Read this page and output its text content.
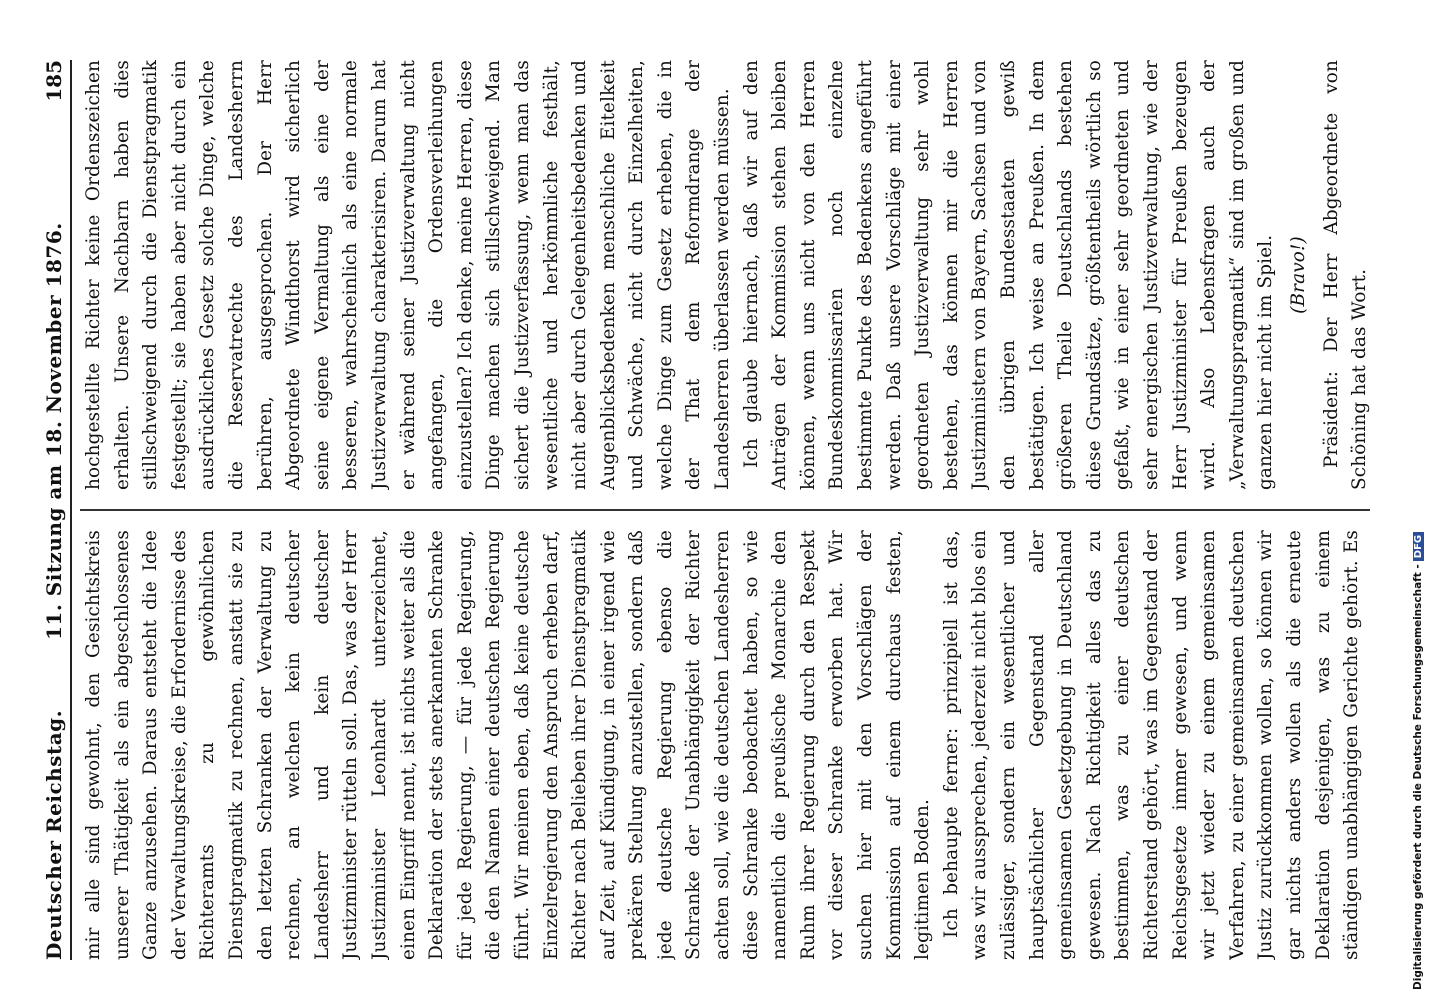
Deutscher Reichstag.
11. Sitzung am 18. November 1876.
185

mir alle sind gewohnt, den Gesichtskreis unserer Thätigkeit als ein abgeschlossenes Ganze anzusehen. Daraus entsteht die Idee der Verwaltungskreise, die Erfordernisse des Richteramts zu gewöhnlichen Dienstpragmatik zu rechnen, anstatt sie zu den letzten Schranken der Verwaltung zu rechnen, an welchen kein deutscher Landesherr und kein deutscher Justizminister rütteln soll. Das, was der Herr Justizminister Leonhardt unterzeichnet, einen Eingriff nennt, ist nichts weiter als die Deklaration der stets anerkannten Schranke für jede Regierung, — für jede Regierung, die den Namen einer deutschen Regierung führt. Wir meinen eben, daß keine deutsche Einzelregierung den Anspruch erheben darf, Richter nach Belieben ihrer Dienstpragmatik auf Zeit, auf Kündigung, in einer irgend wie prekären Stellung anzustellen, sondern daß jede deutsche Regierung ebenso die Schranke der Unabhängigkeit der Richter achten soll, wie die deutschen Landesherren diese Schranke beobachtet haben, so wie namentlich die preußische Monarchie den Ruhm ihrer Regierung durch den Respekt vor dieser Schranke erworben hat. Wir suchen hier mit den Vorschlägen der Kommission auf einem durchaus festen, legitimen Boden. Ich behaupte ferner: prinzipiell ist das, was wir aussprechen, jederzeit nicht blos ein zulässiger, sondern ein wesentlicher und hauptsächlicher Gegenstand aller gemeinsamen Gesetzgebung in Deutschland gewesen. Nach Richtigkeit alles das zu bestimmen, was zu einer deutschen Richterstand gehört, was im Gegenstand der Reichsgesetze immer gewesen, und wenn wir jetzt wieder zu einem gemeinsamen Verfahren, zu einer gemeinsamen deutschen Justiz zurückkommen wollen, so können wir gar nichts anders wollen als die erneute Deklaration desjenigen, was zu einem ständigen unabhängigen Gerichte gehört. Es

hochgestellte Richter keine Ordenszeichen erhalten. Unsere Nachbarn haben dies stillschweigend durch die Dienstpragmatik festgestellt; sie haben aber nicht durch ein ausdrückliches Gesetz solche Dinge, welche die Reservatrechte des Landesherrn berühren, ausgesprochen. Der Herr Abgeordnete Windthorst wird sicherlich seine eigene Vermaltung als eine der besseren, wahrscheinlich als eine normale Justizverwaltung charakterisiren. Darum hat er während seiner Justizverwaltung nicht angefangen, die Ordensverleihungen einzustellen? Ich denke, meine Herren, diese Dinge machen sich stillschweigend. Man sichert die Justizverfassung, wenn man das wesentliche und herkömmliche festhält, nicht aber durch Gelegenheitsbedenken und Augenblicksbedenken menschliche Eitelkeit und Schwäche, nicht durch Einzelheiten, welche Dinge zum Gesetz erheben, die in der That dem Reformdrange der Landesherren überlassen werden müssen. Ich glaube hiernach, daß wir auf den Anträgen der Kommission stehen bleiben können, wenn uns nicht von den Herren Bundeskommissarien noch einzelne bestimmte Punkte des Bedenkens angeführt werden. Daß unsere Vorschläge mit einer geordneten Justizverwaltung sehr wohl bestehen, das können mir die Herren Justizministern von Bayern, Sachsen und von den übrigen Bundesstaaten gewiß bestätigen. Ich weise an Preußen. In dem größeren Theile Deutschlands bestehen diese Grundsätze, größtentheils wörtlich so gefaßt, wie in einer sehr geordneten und sehr energischen Justizverwaltung, wie der Herr Justizminister für Preußen bezeugen wird. Also Lebensfragen auch der „Verwaltungspragmatik“ sind im großen und ganzen hier nicht im Spiel. (Bravo!) Präsident: Der Herr Abgeordnete von Schöning hat das Wort.

Digitalisierung gefördert durch die Deutsche Forschungsgemeinschaft -DFG
